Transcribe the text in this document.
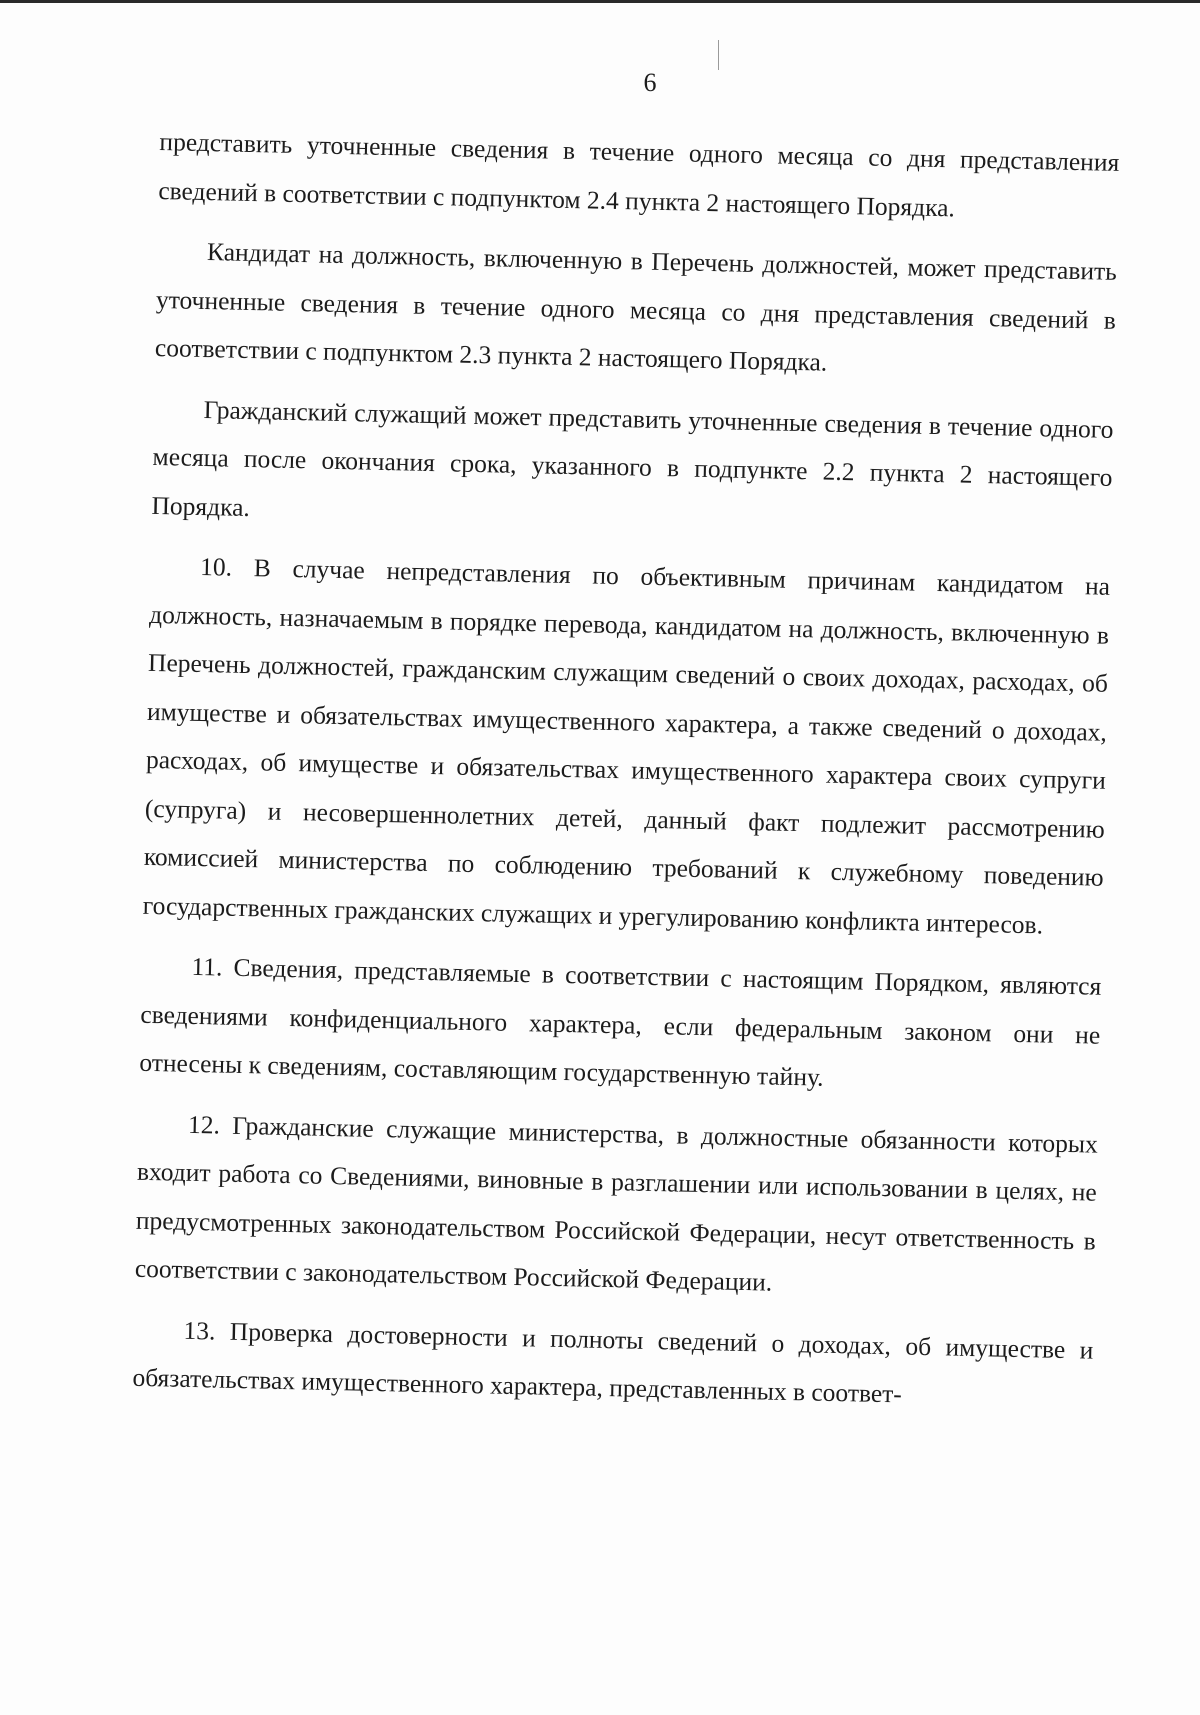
6

представить уточненные сведения в течение одного месяца со дня представления сведений в соответствии с подпунктом 2.4 пункта 2 настоящего Порядка.

Кандидат на должность, включенную в Перечень должностей, может представить уточненные сведения в течение одного месяца со дня представления сведений в соответствии с подпунктом 2.3 пункта 2 настоящего Порядка.

Гражданский служащий может представить уточненные сведения в течение одного месяца после окончания срока, указанного в подпункте 2.2 пункта 2 настоящего Порядка.

10. В случае непредставления по объективным причинам кандидатом на должность, назначаемым в порядке перевода, кандидатом на должность, включенную в Перечень должностей, гражданским служащим сведений о своих доходах, расходах, об имуществе и обязательствах имущественного характера, а также сведений о доходах, расходах, об имуществе и обязательствах имущественного характера своих супруги (супруга) и несовершеннолетних детей, данный факт подлежит рассмотрению комиссией министерства по соблюдению требований к служебному поведению государственных гражданских служащих и урегулированию конфликта интересов.

11. Сведения, представляемые в соответствии с настоящим Порядком, являются сведениями конфиденциального характера, если федеральным законом они не отнесены к сведениям, составляющим государственную тайну.

12. Гражданские служащие министерства, в должностные обязанности которых входит работа со Сведениями, виновные в разглашении или использовании в целях, не предусмотренных законодательством Российской Федерации, несут ответственность в соответствии с законодательством Российской Федерации.

13. Проверка достоверности и полноты сведений о доходах, об имуществе и обязательствах имущественного характера, представленных в соответ-
